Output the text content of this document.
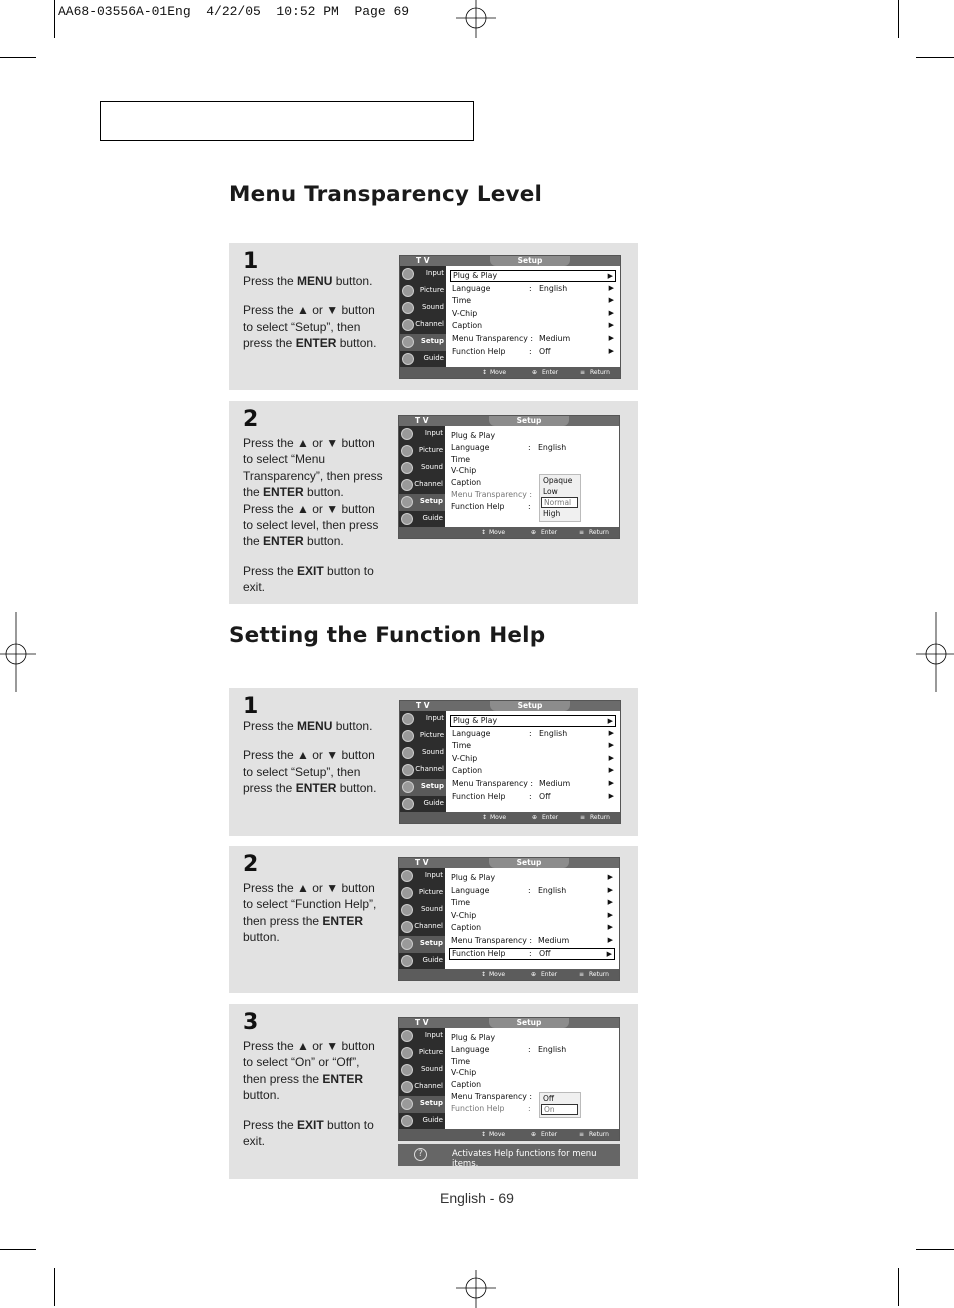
AA68-03556A-01Eng  4/22/05  10:52 PM  Page 69
Menu Transparency Level
Setting the Function Help
1

Press the MENU button.

Press the ▲ or ▼ button to select “Setup”, then press the ENTER button.

2

Press the ▲ or ▼ button to select “Menu Transparency”, then press the ENTER button.

Press the ▲ or ▼ button to select level, then press the ENTER button.

Press the EXIT button to exit.

1

Press the MENU button.

Press the ▲ or ▼ button to select “Setup”, then press the ENTER button.

2

Press the ▲ or ▼ button to select “Function Help”, then press the ENTER button.

3

Press the ▲ or ▼ button to select “On” or “Off”, then press the ENTER button.

Press the EXIT button to exit.

T V	Setup
Input
Picture
Sound
Channel
Setup
Guide
Plug & Play	▶
Language	: English	▶
Time	▶
V-Chip	▶
Caption	▶
Menu Transparency : Medium	▶
Function Help	: Off	▶
Move	Enter	Return
↕	⊕	≡
T V	Setup
Input
Picture
Sound
Channel
Setup
Guide
Plug & Play
Language	: English
Time
V-Chip
Caption
Menu Transparency :
Function Help	:
Opaque
Low
Normal
High
Move	Enter	Return
↕	⊕	≡
T V	Setup
Input
Picture
Sound
Channel
Setup
Guide
Plug & Play	▶
Language	: English	▶
Time	▶
V-Chip	▶
Caption	▶
Menu Transparency : Medium	▶
Function Help	: Off	▶
Move	Enter	Return
↕	⊕	≡
T V	Setup
Input
Picture
Sound
Channel
Setup
Guide
Plug & Play	▶
Language	: English	▶
Time	▶
V-Chip	▶
Caption	▶
Menu Transparency : Medium	▶
Function Help	: Off	▶
Move	Enter	Return
↕	⊕	≡
T V	Setup
Input
Picture
Sound
Channel
Setup
Guide
Plug & Play
Language	: English
Time
V-Chip
Caption
Menu Transparency :
Function Help	:
Off
On
Move	Enter	Return
↕	⊕	≡
?	Activates Help functions for menu items.
English - 69
